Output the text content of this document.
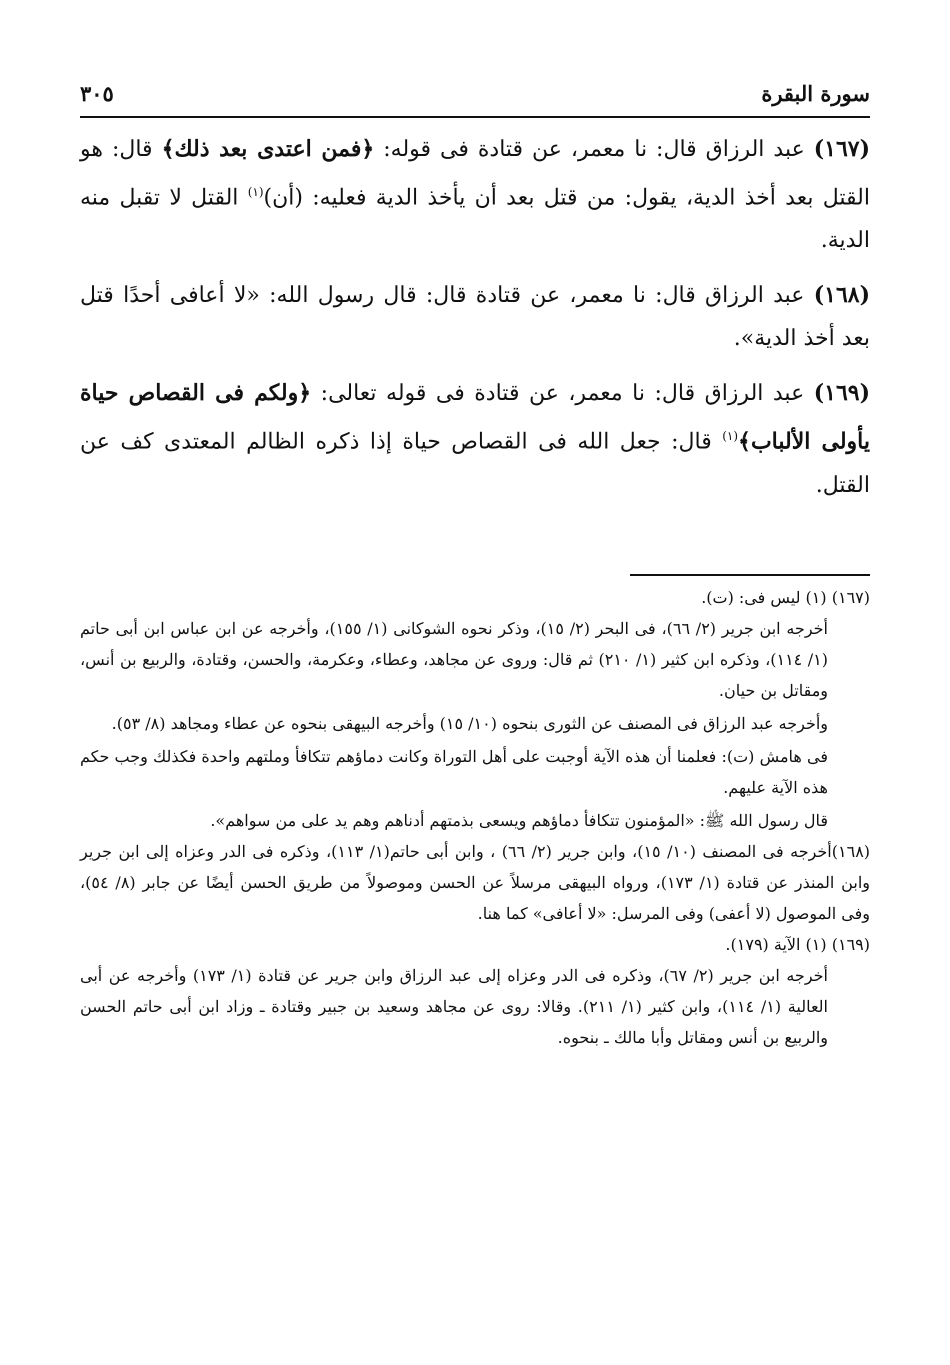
سورة البقرة
٣٠٥

(١٦٧) عبد الرزاق قال: نا معمر، عن قتادة فى قوله: ﴿فمن اعتدى بعد ذلك﴾ قال: هو القتل بعد أخذ الدية، يقول: من قتل بعد أن يأخذ الدية فعليه: (أن)$^{(١)}$ القتل لا تقبل منه الدية.

(١٦٨) عبد الرزاق قال: نا معمر، عن قتادة قال: قال رسول الله: «لا أعافى أحدًا قتل بعد أخذ الدية».

(١٦٩) عبد الرزاق قال: نا معمر، عن قتادة فى قوله تعالى: ﴿ولكم فى القصاص حياة يأولى الألباب﴾$^{(١)}$ قال: جعل الله فى القصاص حياة إذا ذكره الظالم المعتدى كف عن القتل.

(١٦٧) (١) ليس فى: (ت).
أخرجه ابن جرير (٢/ ٦٦)، فى البحر (٢/ ١٥)، وذكر نحوه الشوكانى (١/ ١٥٥)، وأخرجه عن ابن عباس ابن أبى حاتم (١/ ١١٤)، وذكره ابن كثير (١/ ٢١٠) ثم قال: وروى عن مجاهد، وعطاء، وعكرمة، والحسن، وقتادة، والربيع بن أنس، ومقاتل بن حيان.
وأخرجه عبد الرزاق فى المصنف عن الثورى بنحوه (١٠/ ١٥) وأخرجه البيهقى بنحوه عن عطاء ومجاهد (٨/ ٥٣).
فى هامش (ت): فعلمنا أن هذه الآية أوجبت على أهل التوراة وكانت دماؤهم تتكافأ وملتهم واحدة فكذلك وجب حكم هذه الآية عليهم.
قال رسول الله ﷺ: «المؤمنون تتكافأ دماؤهم ويسعى بذمتهم أدناهم وهم يد على من سواهم».
(١٦٨)أخرجه فى المصنف (١٠/ ١٥)، وابن جرير (٢/ ٦٦) ، وابن أبى حاتم(١/ ١١٣)، وذكره فى الدر وعزاه إلى ابن جرير وابن المنذر عن قتادة (١/ ١٧٣)، ورواه البيهقى مرسلاً عن الحسن وموصولاً من طريق الحسن أيضًا عن جابر (٨/ ٥٤)، وفى الموصول (لا أعفى) وفى المرسل: «لا أعافى» كما هنا.
(١٦٩) (١) الآية (١٧٩).
أخرجه ابن جرير (٢/ ٦٧)، وذكره فى الدر وعزاه إلى عبد الرزاق وابن جرير عن قتادة (١/ ١٧٣) وأخرجه عن أبى العالية (١/ ١١٤)، وابن كثير (١/ ٢١١). وقالا: روى عن مجاهد وسعيد بن جبير وقتادة ـ وزاد ابن أبى حاتم الحسن والربيع بن أنس ومقاتل وأبا مالك ـ بنحوه.
